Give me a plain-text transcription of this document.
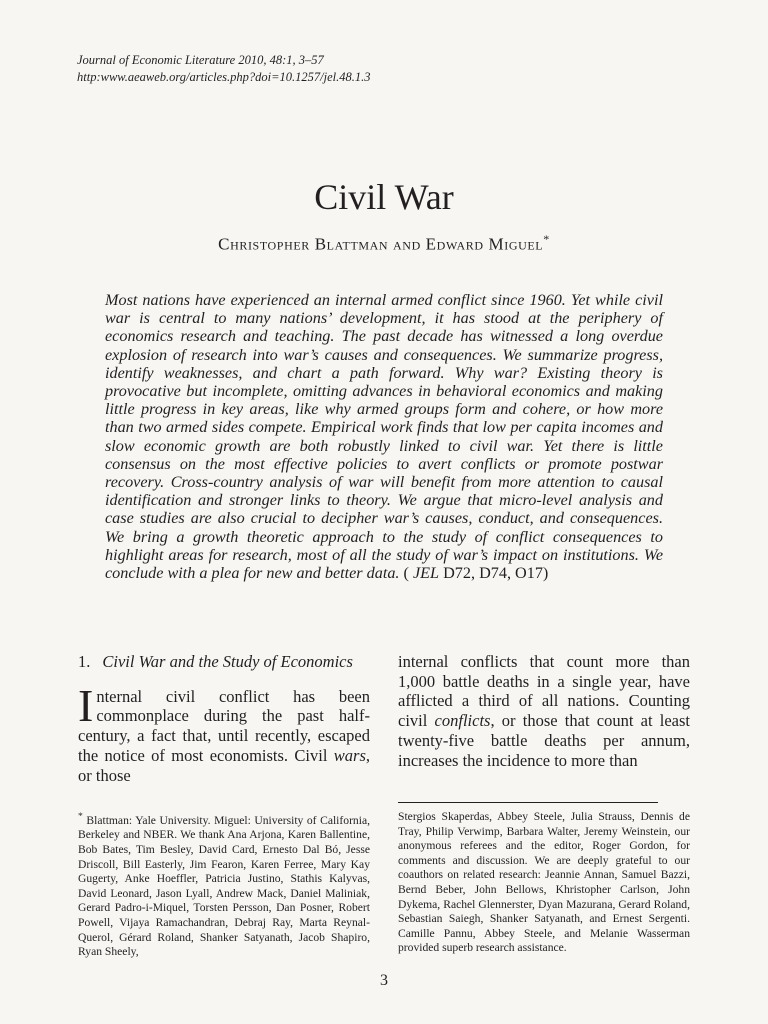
Journal of Economic Literature 2010, 48:1, 3–57
http:www.aeaweb.org/articles.php?doi=10.1257/jel.48.1.3
Civil War
Christopher Blattman and Edward Miguel*
Most nations have experienced an internal armed conflict since 1960. Yet while civil war is central to many nations’ development, it has stood at the periphery of economics research and teaching. The past decade has witnessed a long overdue explosion of research into war’s causes and consequences. We summarize progress, identify weaknesses, and chart a path forward. Why war? Existing theory is provocative but incomplete, omitting advances in behavioral economics and making little progress in key areas, like why armed groups form and cohere, or how more than two armed sides compete. Empirical work finds that low per capita incomes and slow economic growth are both robustly linked to civil war. Yet there is little consensus on the most effective policies to avert conflicts or promote postwar recovery. Cross-country analysis of war will benefit from more attention to causal identification and stronger links to theory. We argue that micro-level analysis and case studies are also crucial to decipher war’s causes, conduct, and consequences. We bring a growth theoretic approach to the study of conflict consequences to highlight areas for research, most of all the study of war’s impact on institutions. We conclude with a plea for new and better data. ( JEL D72, D74, O17)
1. Civil War and the Study of Economics
Internal civil conflict has been commonplace during the past half-century, a fact that, until recently, escaped the notice of most economists. Civil wars, or those
internal conflicts that count more than 1,000 battle deaths in a single year, have afflicted a third of all nations. Counting civil conflicts, or those that count at least twenty-five battle deaths per annum, increases the incidence to more than
* Blattman: Yale University. Miguel: University of California, Berkeley and NBER. We thank Ana Arjona, Karen Ballentine, Bob Bates, Tim Besley, David Card, Ernesto Dal Bó, Jesse Driscoll, Bill Easterly, Jim Fearon, Karen Ferree, Mary Kay Gugerty, Anke Hoeffler, Patricia Justino, Stathis Kalyvas, David Leonard, Jason Lyall, Andrew Mack, Daniel Maliniak, Gerard Padro-i-Miquel, Torsten Persson, Dan Posner, Robert Powell, Vijaya Ramachandran, Debraj Ray, Marta Reynal-Querol, Gérard Roland, Shanker Satyanath, Jacob Shapiro, Ryan Sheely,
Stergios Skaperdas, Abbey Steele, Julia Strauss, Dennis de Tray, Philip Verwimp, Barbara Walter, Jeremy Weinstein, our anonymous referees and the editor, Roger Gordon, for comments and discussion. We are deeply grateful to our coauthors on related research: Jeannie Annan, Samuel Bazzi, Bernd Beber, John Bellows, Khristopher Carlson, John Dykema, Rachel Glennerster, Dyan Mazurana, Gerard Roland, Sebastian Saiegh, Shanker Satyanath, and Ernest Sergenti. Camille Pannu, Abbey Steele, and Melanie Wasserman provided superb research assistance.
3
